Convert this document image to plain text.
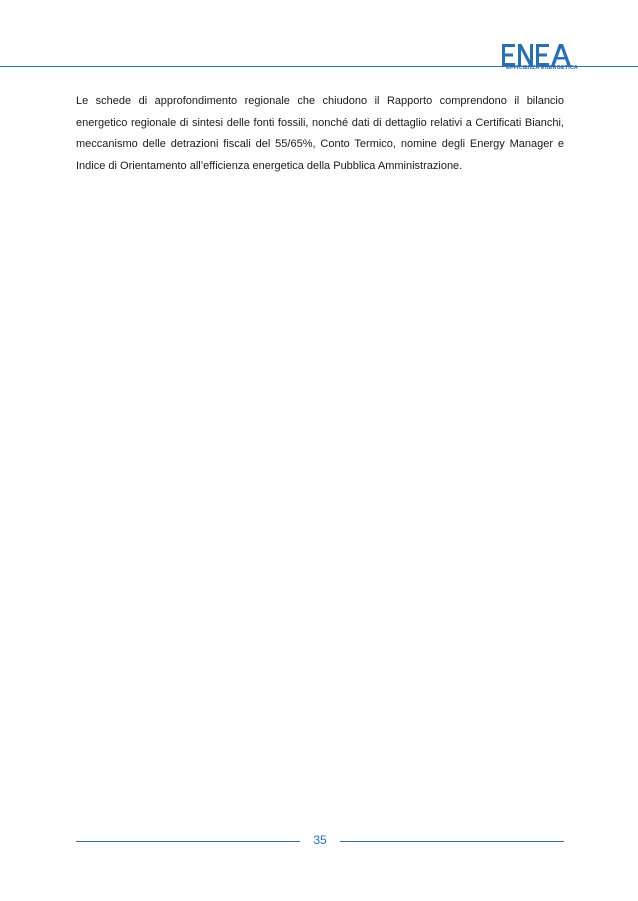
EFFICIENZA ENERGETICA

Le schede di approfondimento regionale che chiudono il Rapporto comprendono il bilancio energetico regionale di sintesi delle fonti fossili, nonché dati di dettaglio relativi a Certificati Bianchi, meccanismo delle detrazioni fiscali del 55/65%, Conto Termico, nomine degli Energy Manager e Indice di Orientamento all’efficienza energetica della Pubblica Amministrazione.

35
